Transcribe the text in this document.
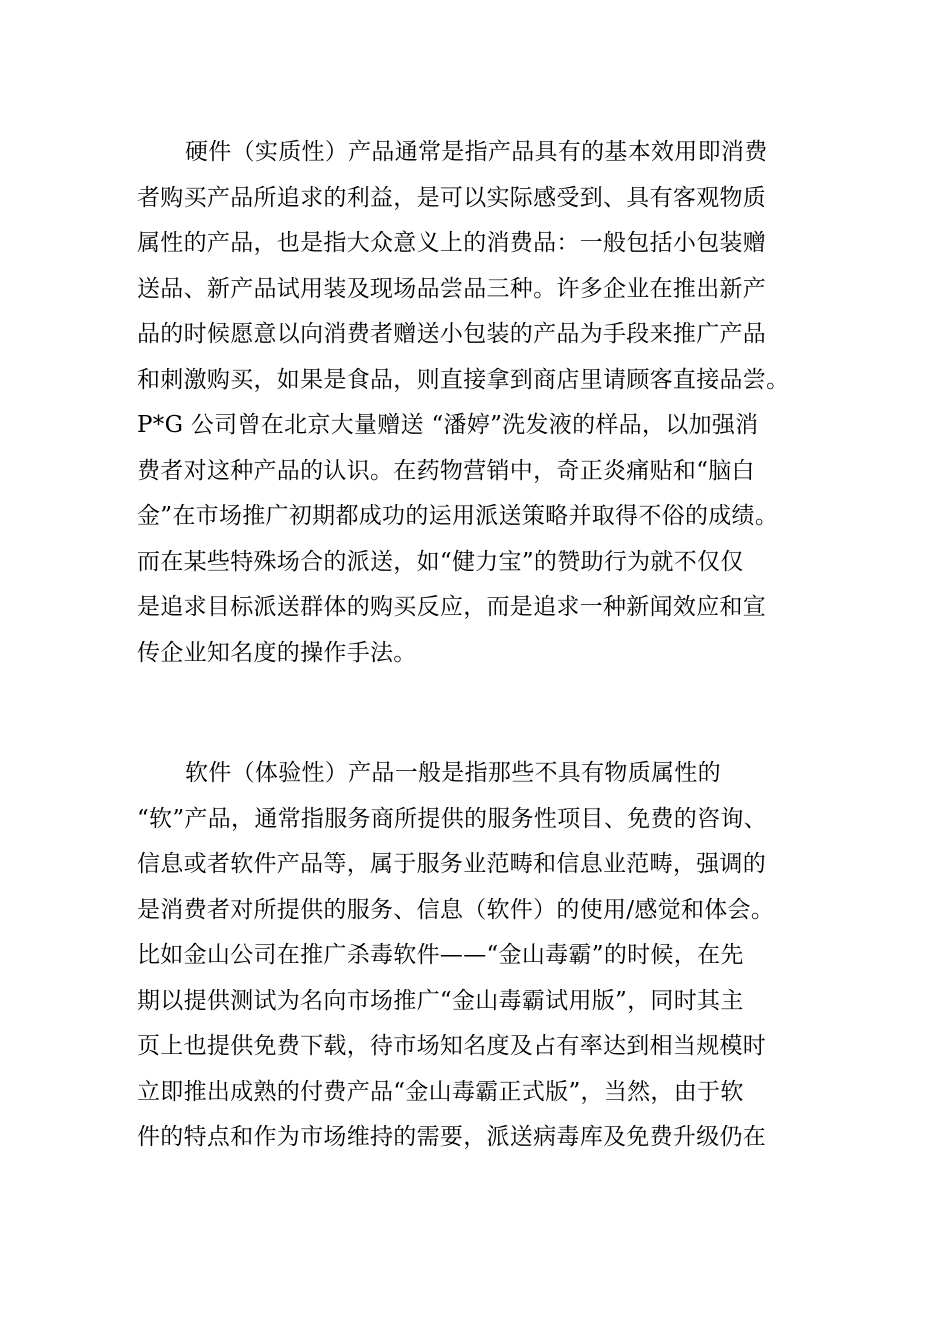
硬件（实质性）产品通常是指产品具有的基本效用即消费
者购买产品所追求的利益，是可以实际感受到、具有客观物质
属性的产品，也是指大众意义上的消费品：一般包括小包装赠
送品、新产品试用装及现场品尝品三种。许多企业在推出新产
品的时候愿意以向消费者赠送小包装的产品为手段来推广产品
和刺激购买，如果是食品，则直接拿到商店里请顾客直接品尝。
P*G 公司曾在北京大量赠送 “潘婷”洗发液的样品，以加强消
费者对这种产品的认识。在药物营销中，奇正炎痛贴和“脑白
金”在市场推广初期都成功的运用派送策略并取得不俗的成绩。
而在某些特殊场合的派送，如“健力宝”的赞助行为就不仅仅
是追求目标派送群体的购买反应，而是追求一种新闻效应和宣
传企业知名度的操作手法。

软件（体验性）产品一般是指那些不具有物质属性的
“软”产品，通常指服务商所提供的服务性项目、免费的咨询、
信息或者软件产品等，属于服务业范畴和信息业范畴，强调的
是消费者对所提供的服务、信息（软件）的使用/感觉和体会。
比如金山公司在推广杀毒软件——“金山毒霸”的时候，在先
期以提供测试为名向市场推广“金山毒霸试用版”，同时其主
页上也提供免费下载，待市场知名度及占有率达到相当规模时
立即推出成熟的付费产品“金山毒霸正式版”，当然，由于软
件的特点和作为市场维持的需要，派送病毒库及免费升级仍在
